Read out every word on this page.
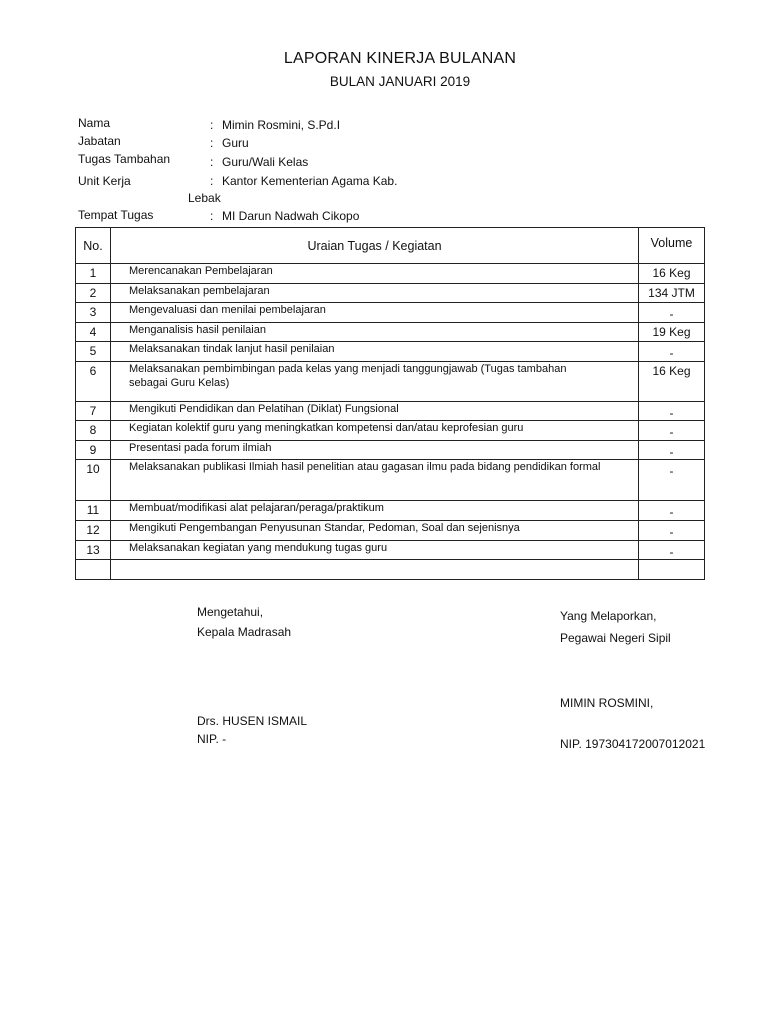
LAPORAN KINERJA BULANAN
BULAN JANUARI 2019
Nama	: Mimin Rosmini, S.Pd.I
Jabatan	: Guru
Tugas Tambahan	: Guru/Wali Kelas
Unit Kerja	: Kantor Kementerian Agama Kab.
Lebak
Tempat Tugas	: MI Darun Nadwah Cikopo
No.	Uraian Tugas / Kegiatan	Volume
1	Merencanakan Pembelajaran	16 Keg
2	Melaksanakan pembelajaran	134 JTM
3	Mengevaluasi dan menilai pembelajaran	-
4	Menganalisis hasil penilaian	19 Keg
5	Melaksanakan tindak lanjut hasil penilaian	-
6	Melaksanakan pembimbingan pada kelas yang menjadi tanggungjawab (Tugas tambahan sebagai Guru Kelas)	16 Keg
7	Mengikuti Pendidikan dan Pelatihan (Diklat) Fungsional	-
8	Kegiatan kolektif guru yang meningkatkan kompetensi dan/atau keprofesian guru	-
9	Presentasi pada forum ilmiah	-
10	Melaksanakan publikasi Ilmiah hasil penelitian atau gagasan ilmu pada bidang pendidikan formal	-
11	Membuat/modifikasi alat pelajaran/peraga/praktikum	-
12	Mengikuti Pengembangan Penyusunan Standar, Pedoman, Soal dan sejenisnya	-
13	Melaksanakan kegiatan yang mendukung tugas guru	-

Mengetahui,
Kepala Madrasah
Drs. HUSEN ISMAIL
NIP. -
Yang Melaporkan,
Pegawai Negeri Sipil
MIMIN ROSMINI,
NIP. 197304172007012021
